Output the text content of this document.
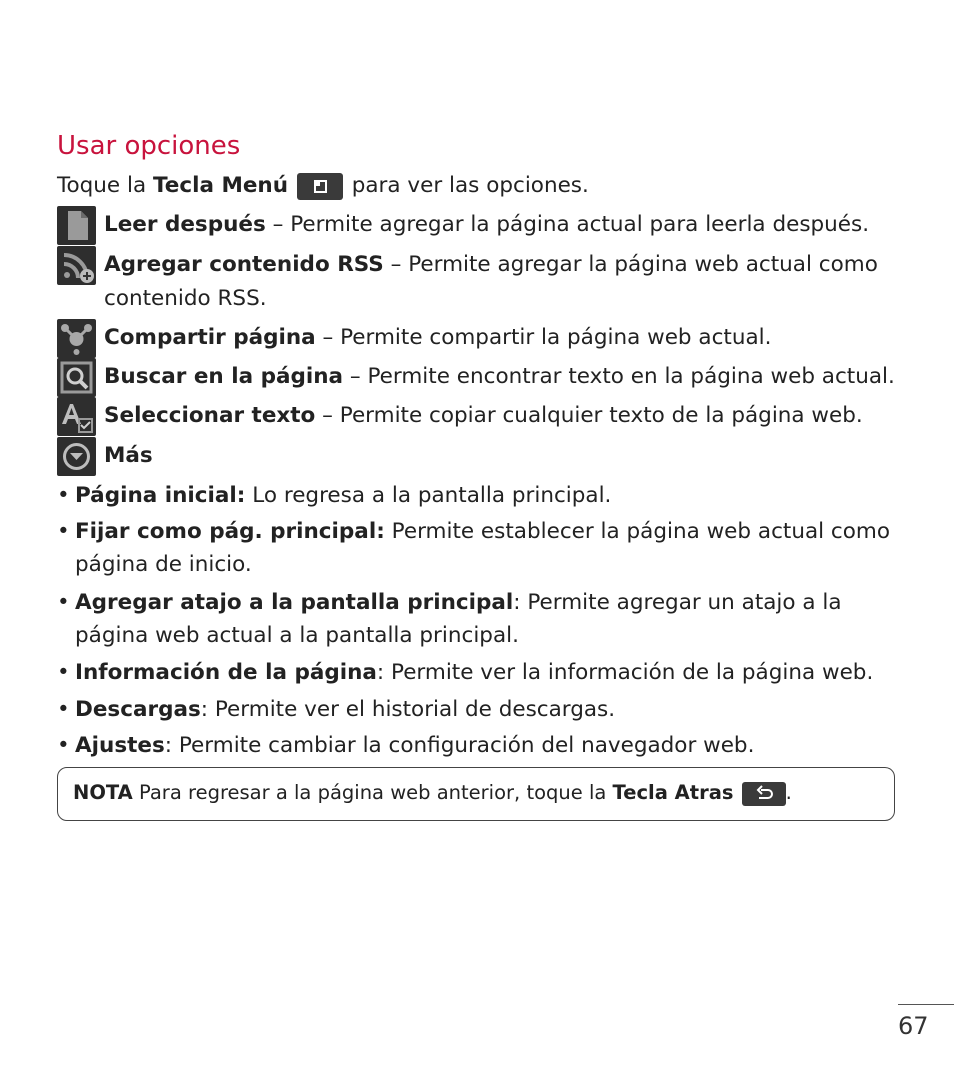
Usar opciones
Toque la Tecla Menú	para ver las opciones.
Leer después – Permite agregar la página actual para leerla después.
Agregar contenido RSS – Permite agregar la página web actual como contenido RSS.
Compartir página – Permite compartir la página web actual.
Buscar en la página – Permite encontrar texto en la página web actual.
Seleccionar texto – Permite copiar cualquier texto de la página web.
Más
• Página inicial: Lo regresa a la pantalla principal.
• Fijar como pág. principal: Permite establecer la página web actual como página de inicio.
• Agregar atajo a la pantalla principal: Permite agregar un atajo a la página web actual a la pantalla principal.
• Información de la página: Permite ver la información de la página web.
• Descargas: Permite ver el historial de descargas.
• Ajustes: Permite cambiar la configuración del navegador web.
NOTA Para regresar a la página web anterior, toque la Tecla Atras	.
67
